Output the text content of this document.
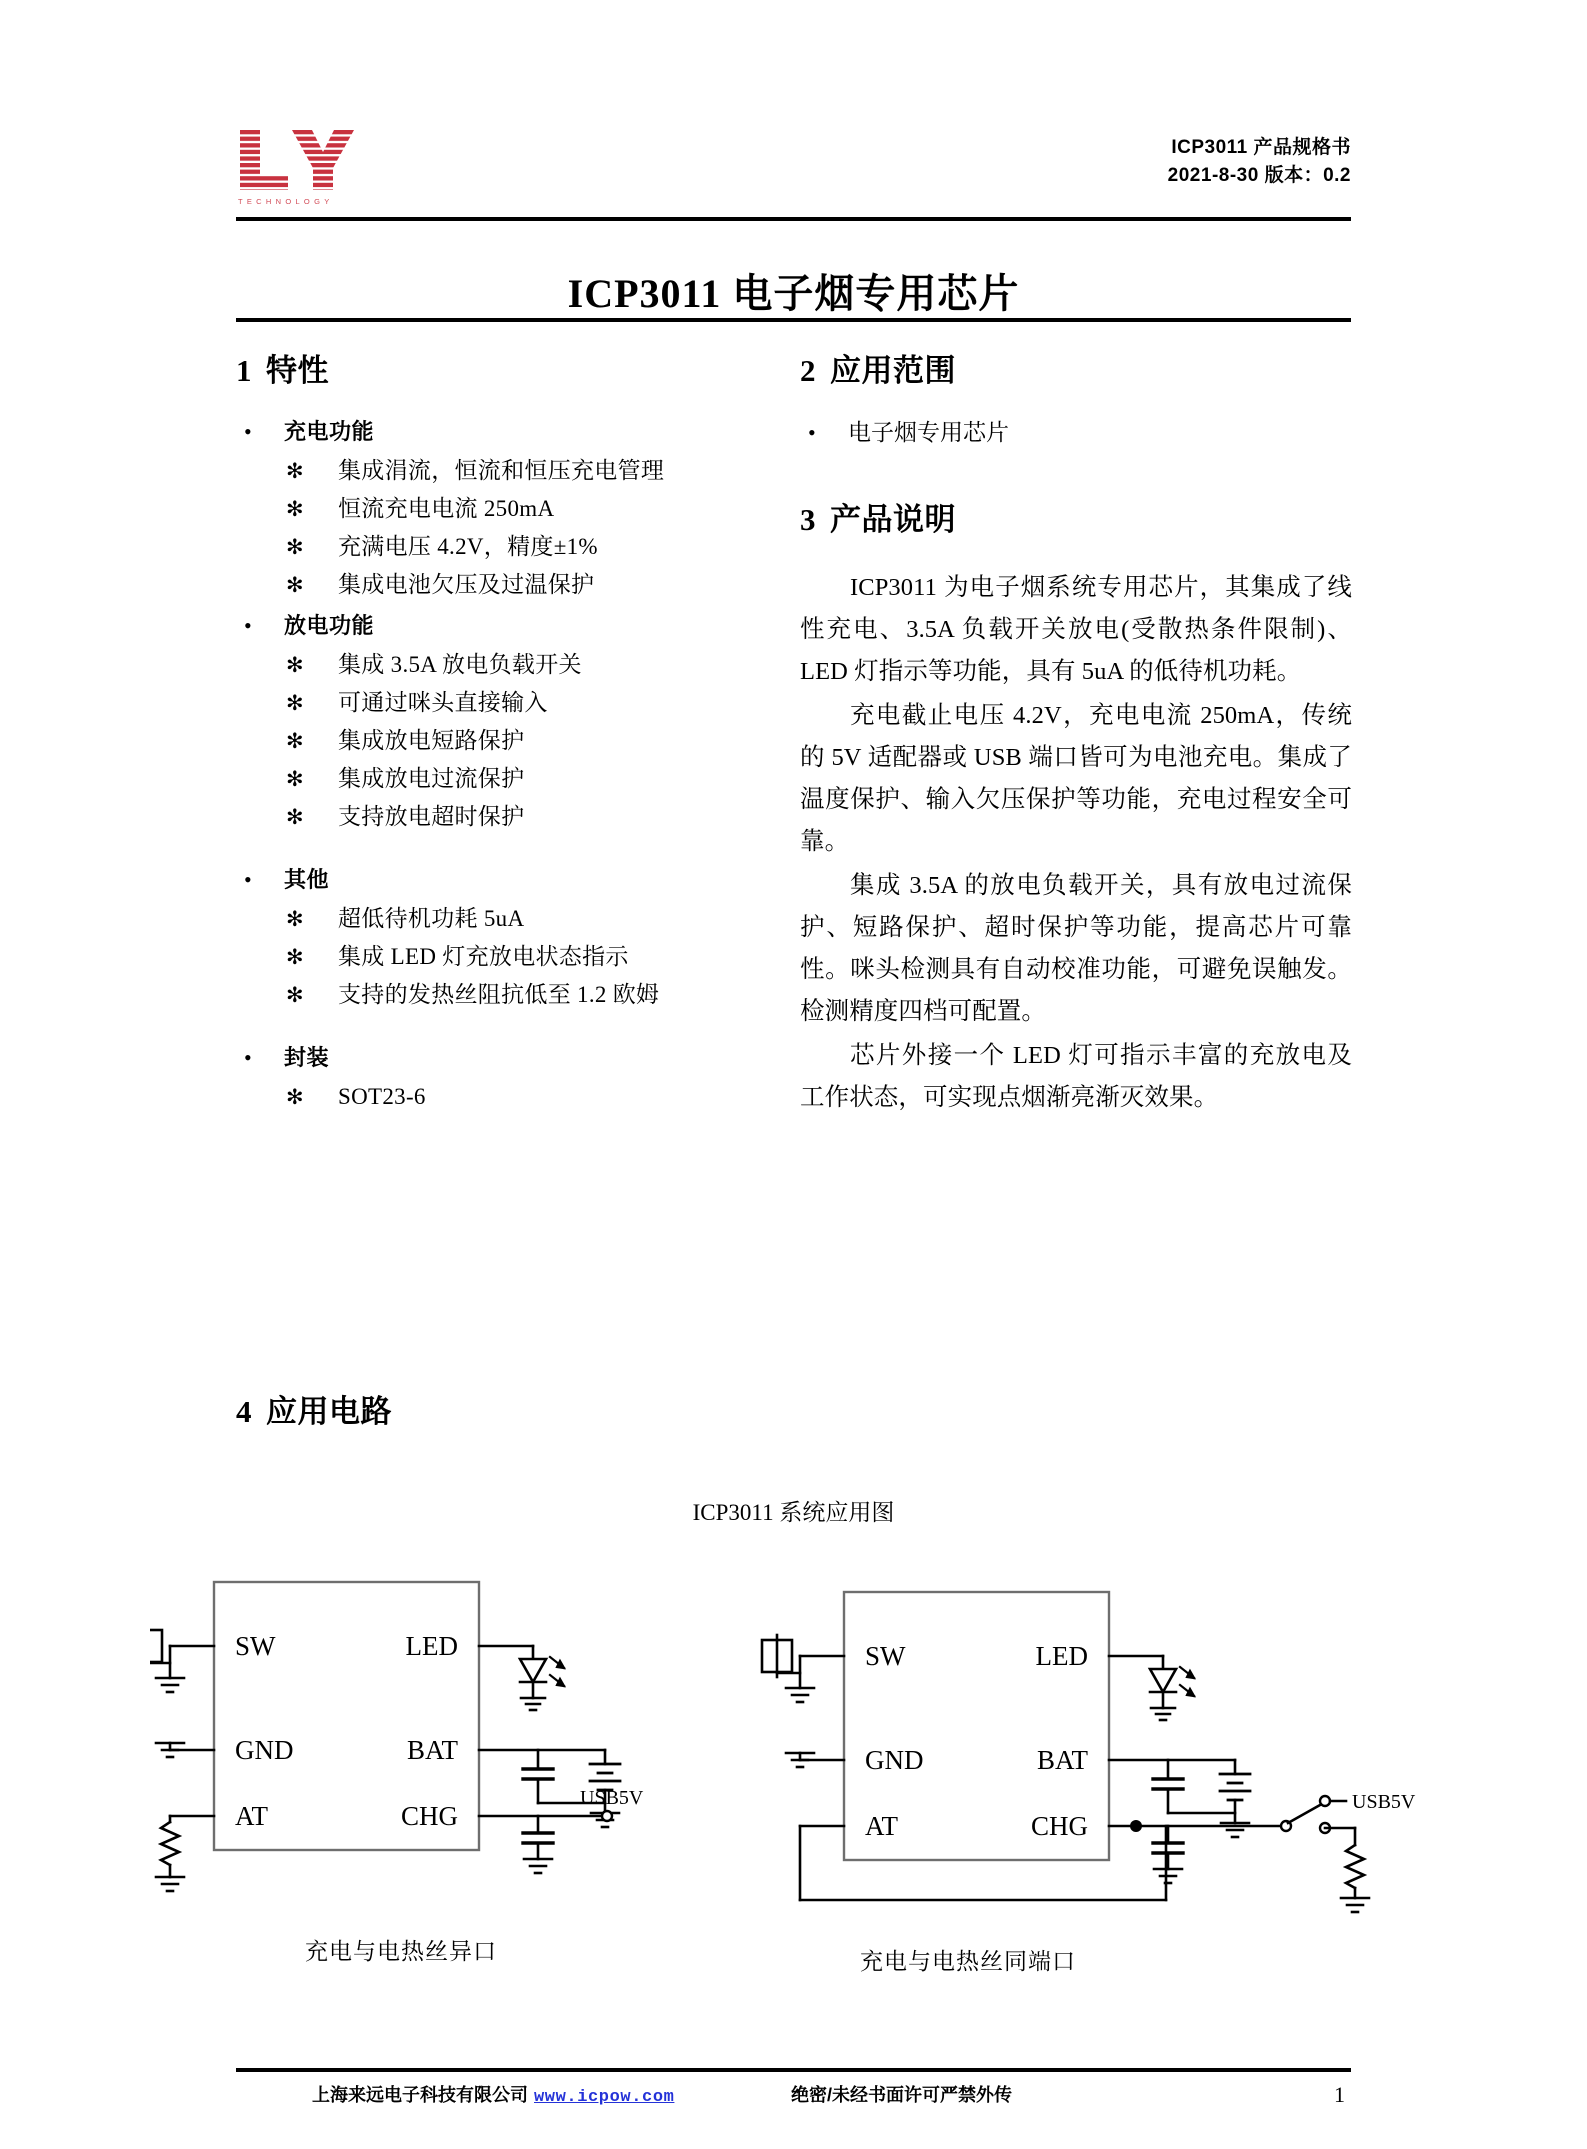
TECHNOLOGY
ICP3011 产品规格书
2021-8-30 版本：0.2
ICP3011 电子烟专用芯片
1 特性
• 充电功能
✻ 集成涓流，恒流和恒压充电管理
✻ 恒流充电电流 250mA
✻ 充满电压 4.2V，精度±1%
✻ 集成电池欠压及过温保护
• 放电功能
✻ 集成 3.5A 放电负载开关
✻ 可通过咪头直接输入
✻ 集成放电短路保护
✻ 集成放电过流保护
✻ 支持放电超时保护
• 其他
✻ 超低待机功耗 5uA
✻ 集成 LED 灯充放电状态指示
✻ 支持的发热丝阻抗低至 1.2 欧姆
• 封装
✻ SOT23-6
2 应用范围
• 电子烟专用芯片
3 产品说明

ICP3011 为电子烟系统专用芯片，其集成了线性充电、3.5A 负载开关放电(受散热条件限制)、LED 灯指示等功能，具有 5uA 的低待机功耗。

充电截止电压 4.2V，充电电流 250mA，传统的 5V 适配器或 USB 端口皆可为电池充电。集成了温度保护、输入欠压保护等功能，充电过程安全可靠。

集成 3.5A 的放电负载开关，具有放电过流保护、短路保护、超时保护等功能，提高芯片可靠性。咪头检测具有自动校准功能，可避免误触发。检测精度四档可配置。

芯片外接一个 LED 灯可指示丰富的充放电及工作状态，可实现点烟渐亮渐灭效果。

4 应用电路
ICP3011 系统应用图
SW
GND
AT
LED
BAT
CHG
USB5V
SW
GND
AT
LED
BAT
CHG
USB5V
充电与电热丝异口	充电与电热丝同端口
上海来远电子科技有限公司 www.icpow.com	绝密/未经书面许可严禁外传	1
